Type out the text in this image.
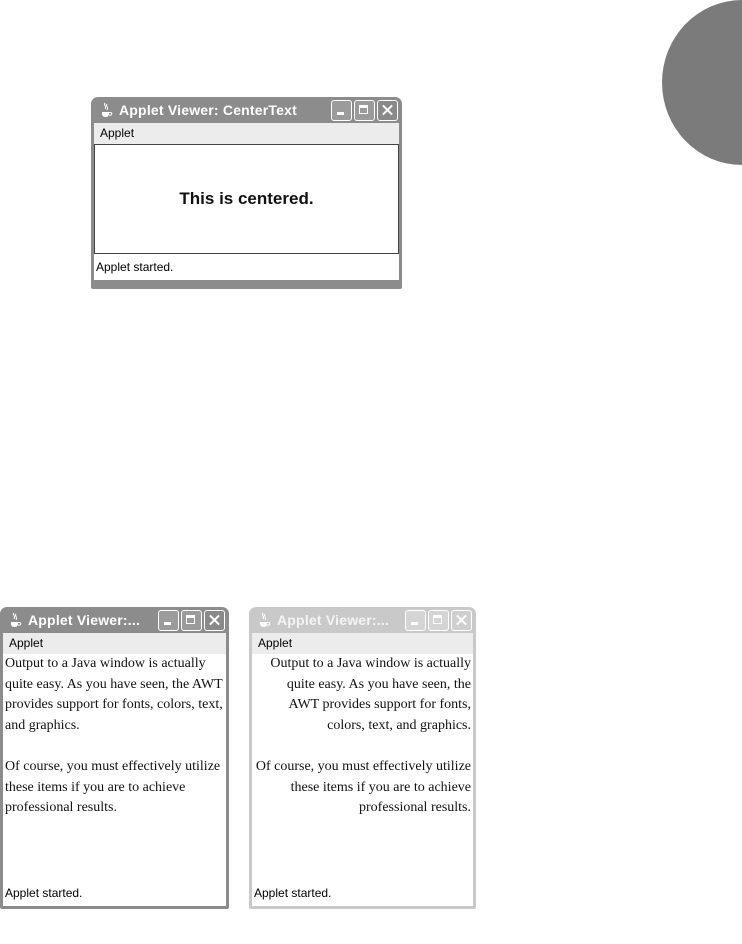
Applet Viewer: CenterText
Applet
This is centered.
Applet started.
Applet Viewer:...
Applet

Output to a Java window is actually quite easy. As you have seen, the AWT provides support for fonts, colors, text, and graphics.

Of course, you must effectively utilize these items if you are to achieve professional results.

Applet started.
Applet Viewer:...
Applet

Output to a Java window is actually quite easy. As you have seen, the AWT provides support for fonts, colors, text, and graphics.

Of course, you must effectively utilize these items if you are to achieve professional results.

Applet started.
